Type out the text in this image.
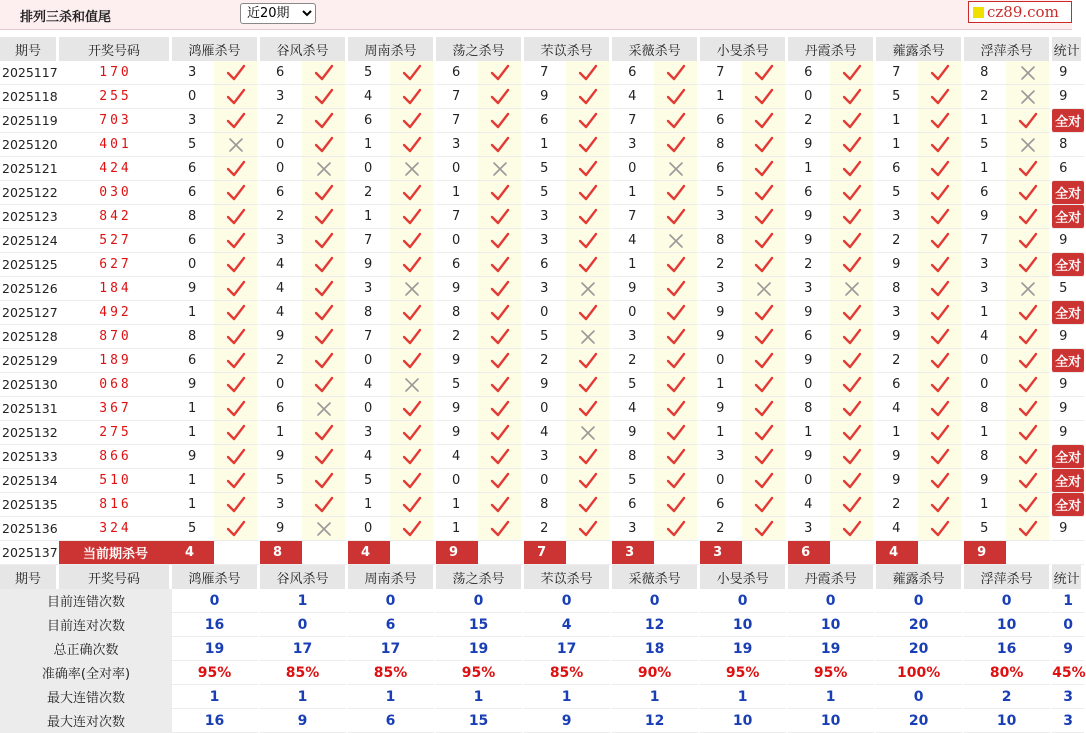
排列三杀和值尾
近20期	cz89.com
期号	开奖号码	鸿雁杀号		谷风杀号		周南杀号		荡之杀号		芣苡杀号		采薇杀号		小旻杀号		丹霞杀号		蕹露杀号		浮萍杀号		统计
2025117	170	3		6		5		6		7		6		7		6		7		8		9
2025118	255	0		3		4		7		9		4		1		0		5		2		9
2025119	703	3		2		6		7		6		7		6		2		1		1		全对
2025120	401	5		0		1		3		1		3		8		9		1		5		8
2025121	424	6		0		0		0		5		0		6		1		6		1		6
2025122	030	6		6		2		1		5		1		5		6		5		6		全对
2025123	842	8		2		1		7		3		7		3		9		3		9		全对
2025124	527	6		3		7		0		3		4		8		9		2		7		9
2025125	627	0		4		9		6		6		1		2		2		9		3		全对
2025126	184	9		4		3		9		3		9		3		3		8		3		5
2025127	492	1		4		8		8		0		0		9		9		3		1		全对
2025128	870	8		9		7		2		5		3		9		6		9		4		9
2025129	189	6		2		0		9		2		2		0		9		2		0		全对
2025130	068	9		0		4		5		9		5		1		0		6		0		9
2025131	367	1		6		0		9		0		4		9		8		4		8		9
2025132	275	1		1		3		9		4		9		1		1		1		1		9
2025133	866	9		9		4		4		3		8		3		9		9		8		全对
2025134	510	1		5		5		0		0		5		0		0		9		9		全对
2025135	816	1		3		1		1		8		6		6		4		2		1		全对
2025136	324	5		9		0		1		2		3		2		3		4		5		9
2025137	当前期杀号	4		8		4		9		7		3		3		6		4		9		
期号	开奖号码	鸿雁杀号		谷风杀号		周南杀号		荡之杀号		芣苡杀号		采薇杀号		小旻杀号		丹霞杀号		蕹露杀号		浮萍杀号		统计
目前连错次数		0		1		0		0		0		0		0		0		0		0		1
目前连对次数		16		0		6		15		4		12		10		10		20		10		0
总正确次数		19		17		17		19		17		18		19		19		20		16		9
准确率(全对率)		95%		85%		85%		95%		85%		90%		95%		95%		100%		80%		45%
最大连错次数		1		1		1		1		1		1		1		1		0		2		3
最大连对次数		16		9		6		15		9		12		10		10		20		10		3
